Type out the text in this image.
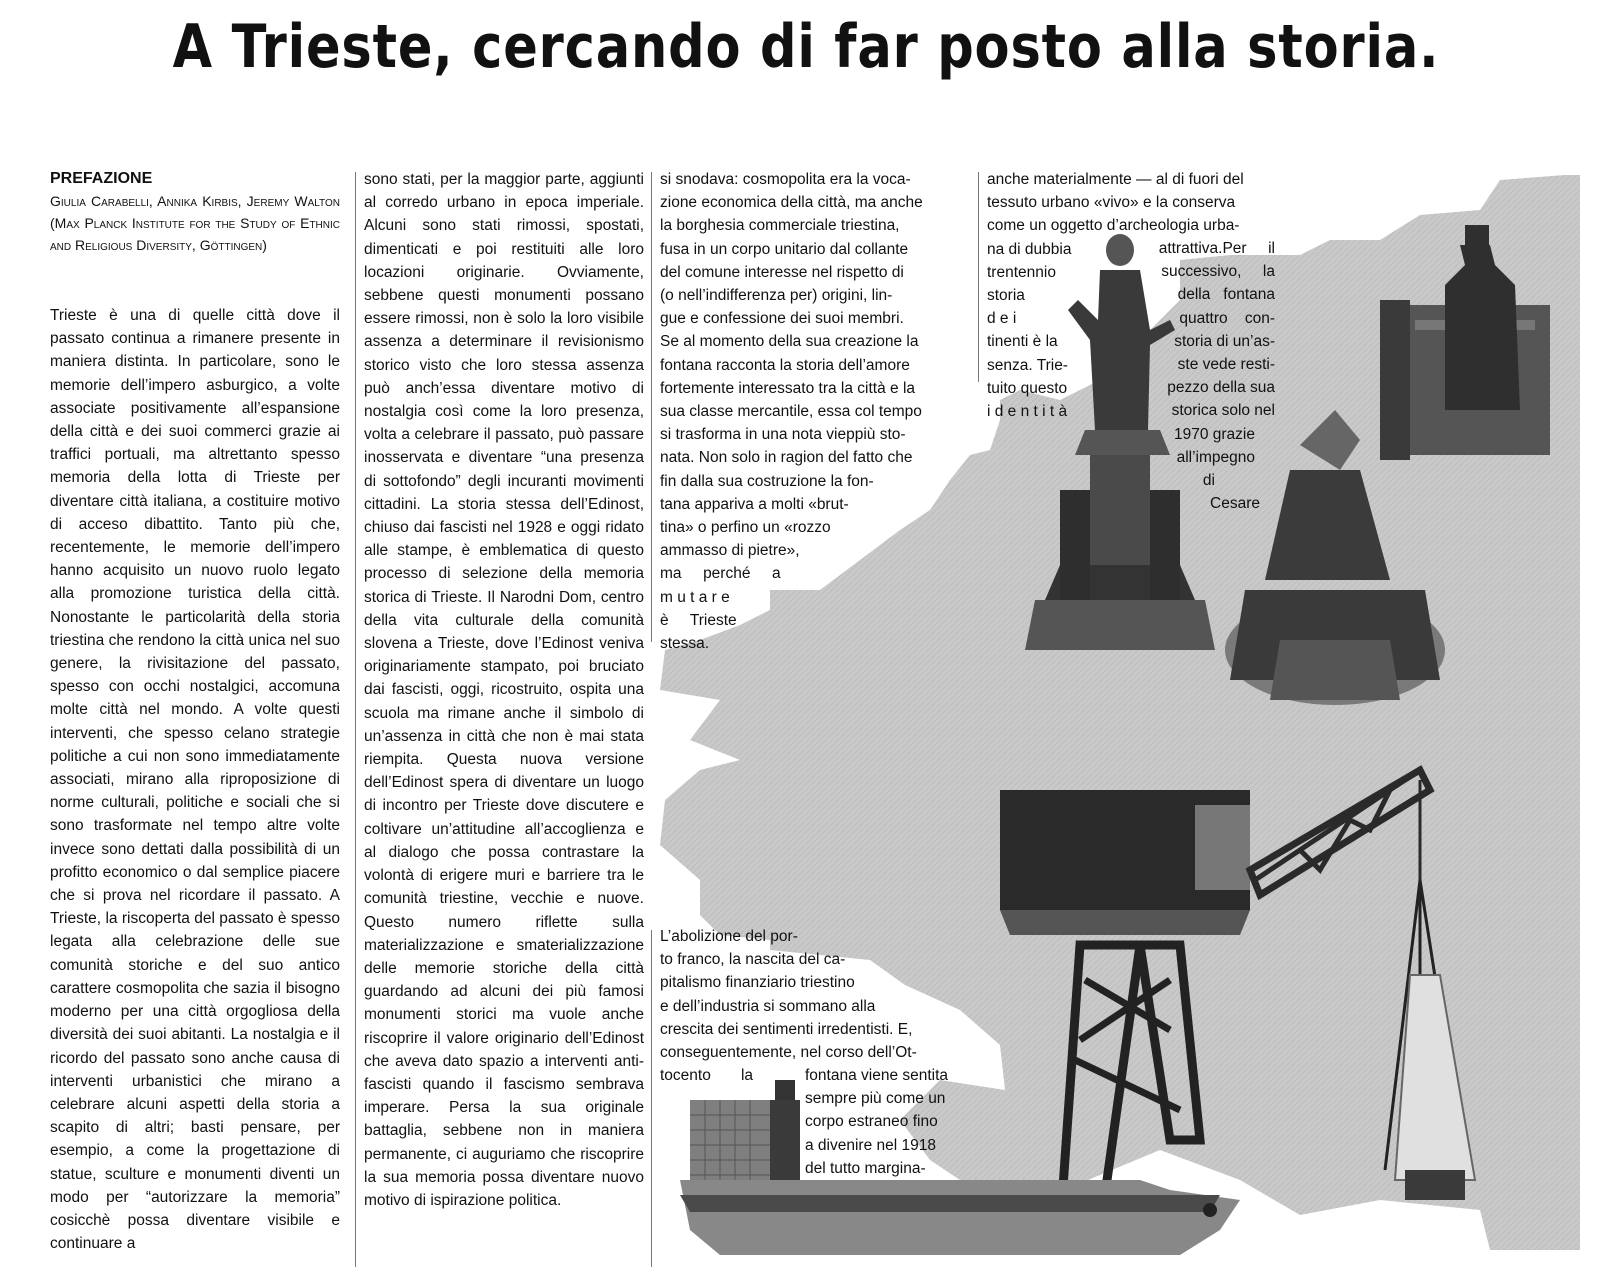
A Trieste, cercando di far posto alla storia.
PREFAZIONE
Giulia Carabelli, Annika Kirbis, Jeremy Walton (Max Planck Institute for the Study of Ethnic and Religious Diversity, Göttingen)

Trieste è una di quelle città dove il passato continua a rimanere presente in maniera distinta. In particolare, sono le memorie dell’impero asburgico, a volte associate positivamente all’espansione della città e dei suoi commerci grazie ai traffici portuali, ma altrettanto spesso memoria della lotta di Trieste per diventare città italiana, a costituire motivo di acceso dibattito. Tanto più che, recentemente, le memorie dell’impero hanno acquisito un nuovo ruolo legato alla promozione turistica della città. Nonostante le particolarità della storia triestina che rendono la città unica nel suo genere, la rivisitazione del passato, spesso con occhi nostalgici, accomuna molte città nel mondo. A volte questi interventi, che spesso celano strategie politiche a cui non sono immediatamente associati, mirano alla riproposizione di norme culturali, politiche e sociali che si sono trasformate nel tempo altre volte invece sono dettati dalla possibilità di un profitto economico o dal semplice piacere che si prova nel ricordare il passato. A Trieste, la riscoperta del passato è spesso legata alla celebrazione delle sue comunità storiche e del suo antico carattere cosmopolita che sazia il bisogno moderno per una città orgogliosa della diversità dei suoi abitanti. La nostalgia e il ricordo del passato sono anche causa di interventi urbanistici che mirano a celebrare alcuni aspetti della storia a scapito di altri; basti pensare, per esempio, a come la progettazione di statue, sculture e monumenti diventi un modo per “autorizzare la memoria” cosicchè possa diventare visibile e continuare a

sono stati, per la maggior parte, aggiunti al corredo urbano in epoca imperiale. Alcuni sono stati rimossi, spostati, dimenticati e poi restituiti alle loro locazioni originarie. Ovviamente, sebbene questi monumenti possano essere rimossi, non è solo la loro visibile assenza a determinare il revisionismo storico visto che loro stessa assenza può anch’essa diventare motivo di nostalgia così come la loro presenza, volta a celebrare il passato, può passare inosservata e diventare “una presenza di sottofondo” degli incuranti movimenti cittadini. La storia stessa dell’Edinost, chiuso dai fascisti nel 1928 e oggi ridato alle stampe, è emblematica di questo processo di selezione della memoria storica di Trieste. Il Narodni Dom, centro della vita culturale della comunità slovena a Trieste, dove l’Edinost veniva originariamente stampato, poi bruciato dai fascisti, oggi, ricostruito, ospita una scuola ma rimane anche il simbolo di un’assenza in città che non è mai stata riempita. Questa nuova versione dell’Edinost spera di diventare un luogo di incontro per Trieste dove discutere e coltivare un’attitudine all’accoglienza e al dialogo che possa contrastare la volontà di erigere muri e barriere tra le comunità triestine, vecchie e nuove. Questo numero riflette sulla materializzazione e smaterializzazione delle memorie storiche della città guardando ad alcuni dei più famosi monumenti storici ma vuole anche riscoprire il valore originario dell’Edinost che aveva dato spazio a interventi anti-fascisti quando il fascismo sembrava imperare. Persa la sua originale battaglia, sebbene non in maniera permanente, ci auguriamo che riscoprire la sua memoria possa diventare nuovo motivo di ispirazione politica.

si snodava: cosmopolita era la voca-
zione economica della città, ma anche
la borghesia commerciale triestina,
fusa in un corpo unitario dal collante
del comune interesse nel rispetto di
(o nell’indifferenza per) origini, lin-
gue e confessione dei suoi membri.
Se al momento della sua creazione la
fontana racconta la storia dell’amore
fortemente interessato tra la città e la
sua classe mercantile, essa col tempo
si trasforma in una nota vieppiù sto-
nata. Non solo in ragion del fatto che
fin dalla sua costruzione la fon-
tana appariva a molti «brut-
tina» o perfino un «rozzo
ammasso di pietre»,
ma     perché     a
m u t a r e
è     Trieste
stessa.
L’abolizione del por-
to franco, la nascita del ca-
pitalismo finanziario triestino
e dell’industria si sommano alla
crescita dei sentimenti irredentisti. E,
conseguentemente, nel corso dell’Ot-
tocento       la	fontana viene sentita
sempre più come un
corpo estraneo fino
a divenire nel 1918
del tutto margina-
anche materialmente — al di fuori del
tessuto urbano «vivo» e la conserva
come un oggetto d’archeologia urba-
na di dubbia
trentennio
storia
d e i
tinenti è la
senza. Trie-
tuito questo
i d e n t i t à
attrattiva.Per     il
successivo,     la
della   fontana
quattro    con-
storia di un’as-
ste vede resti-
pezzo della sua
storica solo nel
1970 grazie
all’impegno
di
Cesare
